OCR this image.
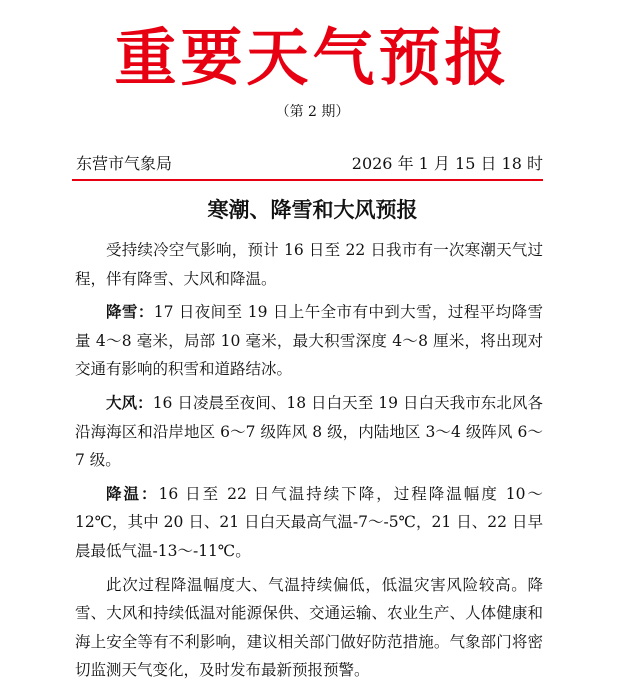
重要天气预报
（第 2 期）
东营市气象局	2026 年 1 月 15 日 18 时
寒潮、降雪和大风预报

受持续冷空气影响，预计 16 日至 22 日我市有一次寒潮天气过程，伴有降雪、大风和降温。

降雪：17 日夜间至 19 日上午全市有中到大雪，过程平均降雪量 4～8 毫米，局部 10 毫米，最大积雪深度 4～8 厘米，将出现对交通有影响的积雪和道路结冰。

大风：16 日凌晨至夜间、18 日白天至 19 日白天我市东北风各沿海海区和沿岸地区 6～7 级阵风 8 级，内陆地区 3～4 级阵风 6～7 级。

降温：16 日至 22 日气温持续下降，过程降温幅度 10～12℃，其中 20 日、21 日白天最高气温-7～-5℃，21 日、22 日早晨最低气温-13～-11℃。

此次过程降温幅度大、气温持续偏低，低温灾害风险较高。降雪、大风和持续低温对能源保供、交通运输、农业生产、人体健康和海上安全等有不利影响，建议相关部门做好防范措施。气象部门将密切监测天气变化，及时发布最新预报预警。
